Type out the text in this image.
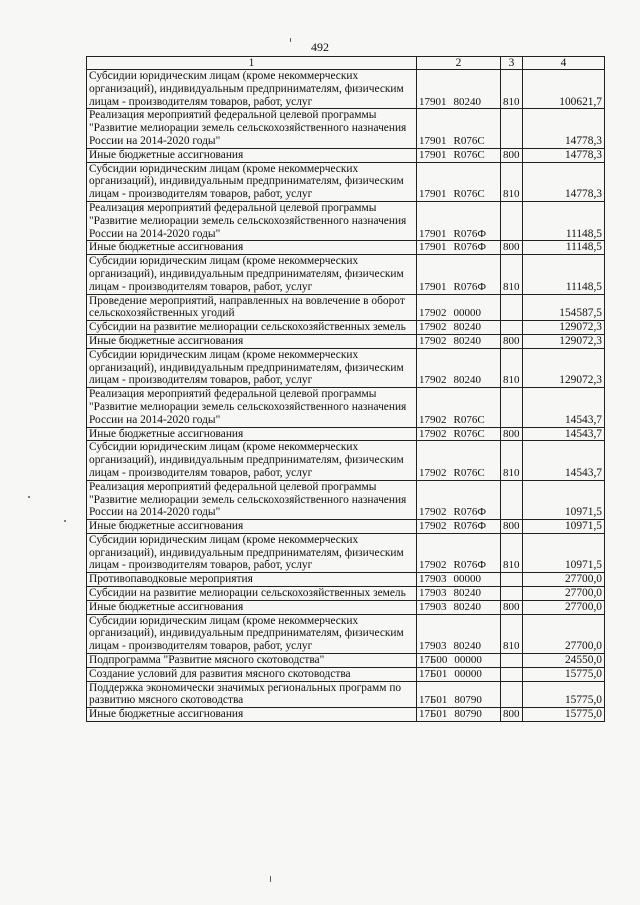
492
1	2	3	4
Субсидии юридическим лицам (кроме некоммерческих организаций), индивидуальным предпринимателям, физическим лицам - производителям товаров, работ, услуг	17901 80240	810	100621,7
Реализация мероприятий федеральной целевой программы "Развитие мелиорации земель сельскохозяйственного назначения России на 2014-2020 годы"	17901 R076C		14778,3
Иные бюджетные ассигнования	17901 R076C	800	14778,3
Субсидии юридическим лицам (кроме некоммерческих организаций), индивидуальным предпринимателям, физическим лицам - производителям товаров, работ, услуг	17901 R076C	810	14778,3
Реализация мероприятий федеральной целевой программы "Развитие мелиорации земель сельскохозяйственного назначения России на 2014-2020 годы"	17901 R076Ф		11148,5
Иные бюджетные ассигнования	17901 R076Ф	800	11148,5
Субсидии юридическим лицам (кроме некоммерческих организаций), индивидуальным предпринимателям, физическим лицам - производителям товаров, работ, услуг	17901 R076Ф	810	11148,5
Проведение мероприятий, направленных на вовлечение в оборот сельскохозяйственных угодий	17902 00000		154587,5
Субсидии на развитие мелиорации сельскохозяйственных земель	17902 80240		129072,3
Иные бюджетные ассигнования	17902 80240	800	129072,3
Субсидии юридическим лицам (кроме некоммерческих организаций), индивидуальным предпринимателям, физическим лицам - производителям товаров, работ, услуг	17902 80240	810	129072,3
Реализация мероприятий федеральной целевой программы "Развитие мелиорации земель сельскохозяйственного назначения России на 2014-2020 годы"	17902 R076C		14543,7
Иные бюджетные ассигнования	17902 R076C	800	14543,7
Субсидии юридическим лицам (кроме некоммерческих организаций), индивидуальным предпринимателям, физическим лицам - производителям товаров, работ, услуг	17902 R076C	810	14543,7
Реализация мероприятий федеральной целевой программы "Развитие мелиорации земель сельскохозяйственного назначения России на 2014-2020 годы"	17902 R076Ф		10971,5
Иные бюджетные ассигнования	17902 R076Ф	800	10971,5
Субсидии юридическим лицам (кроме некоммерческих организаций), индивидуальным предпринимателям, физическим лицам - производителям товаров, работ, услуг	17902 R076Ф	810	10971,5
Противопаводковые мероприятия	17903 00000		27700,0
Субсидии на развитие мелиорации сельскохозяйственных земель	17903 80240		27700,0
Иные бюджетные ассигнования	17903 80240	800	27700,0
Субсидии юридическим лицам (кроме некоммерческих организаций), индивидуальным предпринимателям, физическим лицам - производителям товаров, работ, услуг	17903 80240	810	27700,0
Подпрограмма "Развитие мясного скотоводства"	17Б00 00000		24550,0
Создание условий для развития мясного скотоводства	17Б01 00000		15775,0
Поддержка экономически значимых региональных программ по развитию мясного скотоводства	17Б01 80790		15775,0
Иные бюджетные ассигнования	17Б01 80790	800	15775,0
